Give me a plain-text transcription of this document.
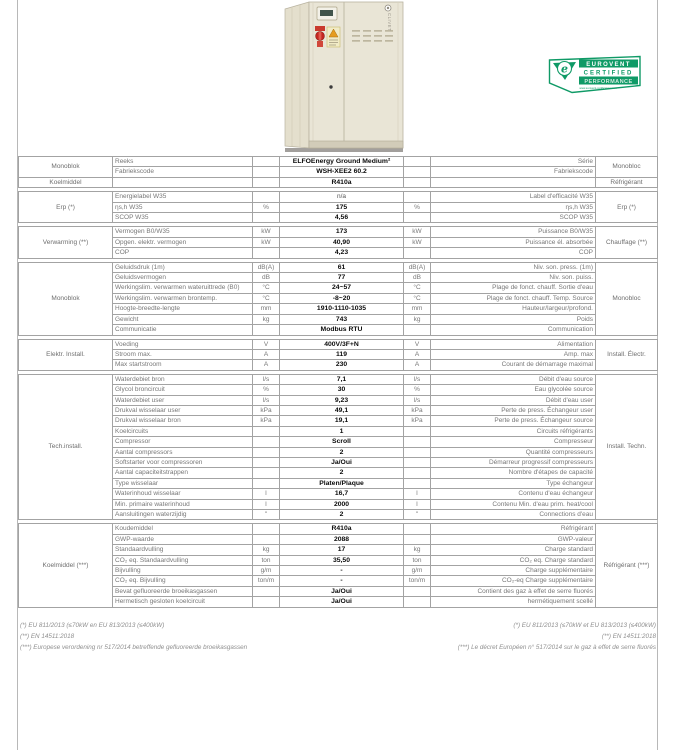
CLIVET
e	EUROVENT
CERTIFIED
PERFORMANCE
www.eurovent-certification.com
Monoblok	Reeks		ELFOEnergy Ground Medium²		Série	Monobloc
	Fabriekscode		WSH-XEE2 60.2		Fabriekscode	
Koelmiddel			R410a			Réfrigérant
Erp (*)	Energielabel W35		n/a		Label d'efficacité W35	Erp (*)
	ηs,h W35	%	175	%	ηs,h W35	
	SCOP W35		4,56		SCOP W35	
Verwarming (**)	Vermogen B0/W35	kW	173	kW	Puissance B0/W35	Chauffage (**)
	Opgen. elektr. vermogen	kW	40,90	kW	Puissance él. absorbée	
	COP		4,23		COP	
Monoblok	Geluidsdruk (1m)	dB(A)	61	dB(A)	Niv. son. press. (1m)	Monobloc
	Geluidsvermogen	dB	77	dB	Niv. son. puiss.	
	Werkingslim. verwarmen wateruittrede (B0)	°C	24~57	°C	Plage de fonct. chauff. Sortie d'eau	
	Werkingslim. verwarmen brontemp.	°C	-8~20	°C	Plage de fonct. chauff. Temp. Source	
	Hoogte-breedte-lengte	mm	1910-1110-1035	mm	Hauteur/largeur/profond.	
	Gewicht	kg	743	kg	Poids	
	Communicatie		Modbus RTU		Communication	
Elektr. Install.	Voeding	V	400V/3F+N	V	Alimentation	Install. Électr.
	Stroom max.	A	119	A	Amp. max	
	Max startstroom	A	230	A	Courant de démarrage maximal	
Tech.install.	Waterdebiet bron	l/s	7,1	l/s	Débit d'eau source	Install. Techn.
	Glycol broncircuit	%	30	%	Eau glycolée source	
	Waterdebiet user	l/s	9,23	l/s	Débit d'eau user	
	Drukval wisselaar user	kPa	49,1	kPa	Perte de press. Échangeur user	
	Drukval wisselaar bron	kPa	19,1	kPa	Perte de press. Échangeur source	
	Koelcircuits		1		Circuits réfrigérants	
	Compressor		Scroll		Compresseur	
	Aantal compressors		2		Quantité compresseurs	
	Softstarter voor compressoren		Ja/Oui		Démarreur progressif compresseurs	
	Aantal capaciteitstrappen		2		Nombre d'étapes de capacité	
	Type wisselaar		Platen/Plaque		Type échangeur	
	Waterinhoud wisselaar	l	16,7	l	Contenu d'eau échangeur	
	Min. primaire waterinhoud	l	2000	l	Contenu Min. d'eau prim. heat/cool	
	Aansluitingen waterzijdig	"	2	"	Connections d'eau	
Koelmiddel (***)	Koudemiddel		R410a		Réfrigérant	Réfrigérant (***)
	GWP-waarde		2088		GWP-valeur	
	Standaardvulling	kg	17	kg	Charge standard	
	CO₂ eq. Standaardvulling	ton	35,50	ton	CO₂ eq. Charge standard	
	Bijvulling	g/m	-	g/m	Charge supplémentaire	
	CO₂ eq. Bijvulling	ton/m	-	ton/m	CO₂-eq Charge supplémentaire	
	Bevat gefluoreerde broeikasgassen		Ja/Oui		Contient des gaz à effet de serre fluorés	
	Hermetisch gesloten koelcircuit		Ja/Oui		hermétiquement scellé	
(*) EU 811/2013 (≤70kW en EU 813/2013 (≤400kW)
(**) EN 14511:2018
(***) Europese verordening nr 517/2014 betreffende gefluoreerde broeikasgassen
(*) EU 811/2013 (≤70kW et EU 813/2013 (≤400kW)
(**) EN 14511:2018
(***) Le décret Européen n° 517/2014 sur le gaz à effet de serre fluorés
